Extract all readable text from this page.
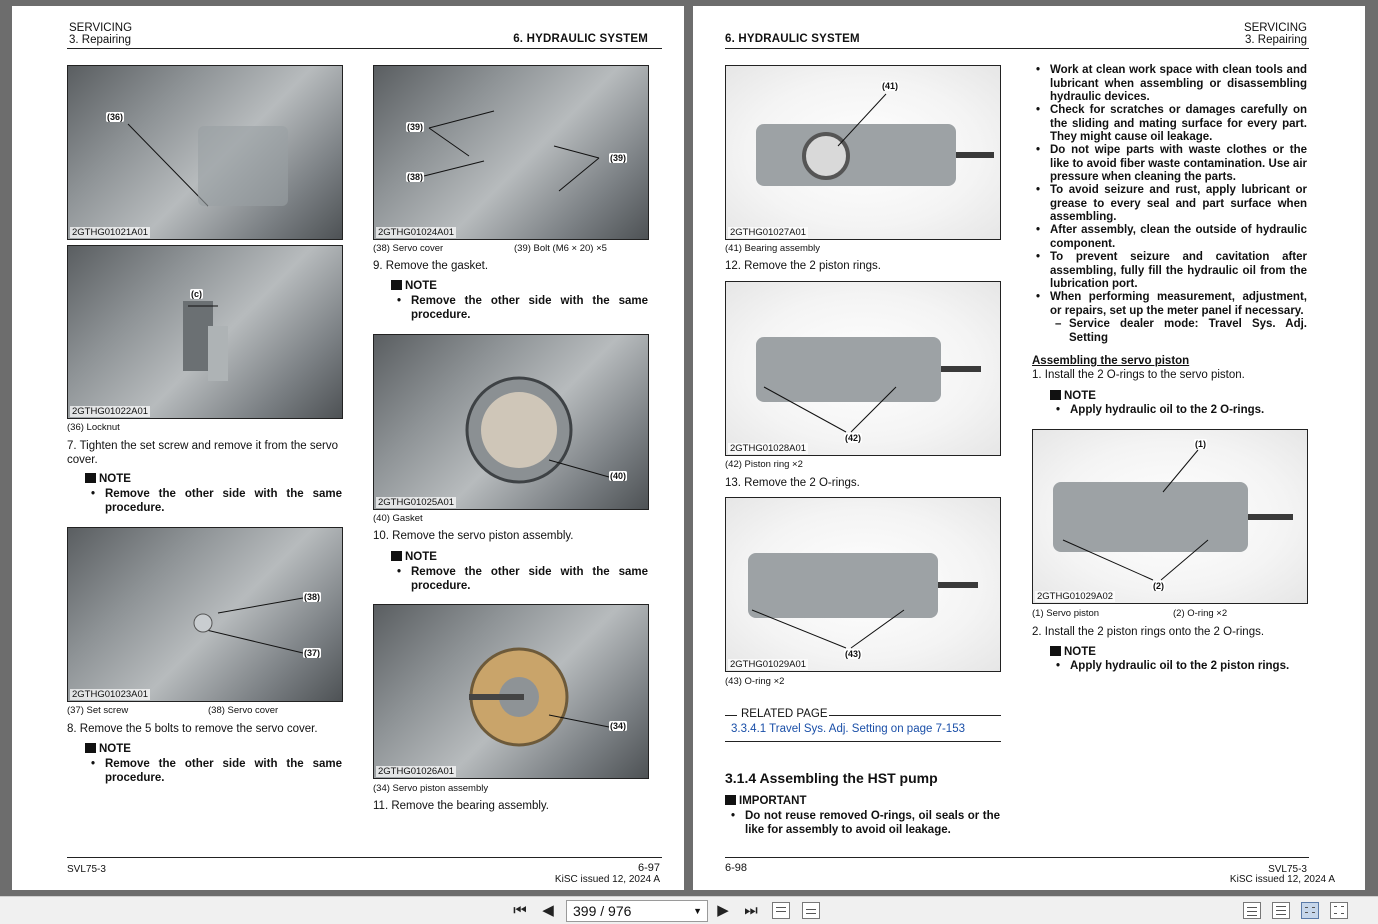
SERVICING
3. Repairing	6. HYDRAULIC SYSTEM
(36)
2GTHG01021A01
(c)
2GTHG01022A01
(36) Locknut
7. Tighten the set screw and remove it from the servo cover.
NOTE
• Remove the other side with the same procedure.
(38)
(37)
2GTHG01023A01
(37) Set screw	(38) Servo cover
8. Remove the 5 bolts to remove the servo cover.
NOTE
• Remove the other side with the same procedure.
(39)
(38)
(39)
2GTHG01024A01
(38) Servo cover	(39) Bolt (M6 × 20) ×5
9. Remove the gasket.
NOTE
• Remove the other side with the same procedure.
(40)
2GTHG01025A01
(40) Gasket
10. Remove the servo piston assembly.
NOTE
• Remove the other side with the same procedure.
(34)
2GTHG01026A01
(34) Servo piston assembly
11. Remove the bearing assembly.
SVL75-3	6-97
KiSC issued 12, 2024 A
6. HYDRAULIC SYSTEM
SERVICING
3. Repairing
(41)
2GTHG01027A01
(41) Bearing assembly
12. Remove the 2 piston rings.
(42)
2GTHG01028A01
(42) Piston ring ×2
13. Remove the 2 O-rings.
(43)
2GTHG01029A01
(43) O-ring ×2
RELATED PAGE
3.3.4.1 Travel Sys. Adj. Setting on page 7-153
3.1.4 Assembling the HST pump
IMPORTANT
• Do not reuse removed O-rings, oil seals or the like for assembly to avoid oil leakage.
• Work at clean work space with clean tools and lubricant when assembling or disassembling hydraulic devices.
• Check for scratches or damages carefully on the sliding and mating surface for every part. They might cause oil leakage.
• Do not wipe parts with waste clothes or the like to avoid fiber waste contamination. Use air pressure when cleaning the parts.
• To avoid seizure and rust, apply lubricant or grease to every seal and part surface when assembling.
• After assembly, clean the outside of hydraulic component.
• To prevent seizure and cavitation after assembling, fully fill the hydraulic oil from the lubrication port.
• When performing measurement, adjustment, or repairs, set up the meter panel if necessary.
– Service dealer mode: Travel Sys. Adj. Setting
Assembling the servo piston
1. Install the 2 O-rings to the servo piston.
NOTE
• Apply hydraulic oil to the 2 O-rings.
(1)
(2)
2GTHG01029A02
(1) Servo piston	(2) O-ring ×2
2. Install the 2 piston rings onto the 2 O-rings.
NOTE
• Apply hydraulic oil to the 2 piston rings.
6-98	SVL75-3
KiSC issued 12, 2024 A
⏮ ◀	399 / 976	▼ ▶ ⏭
